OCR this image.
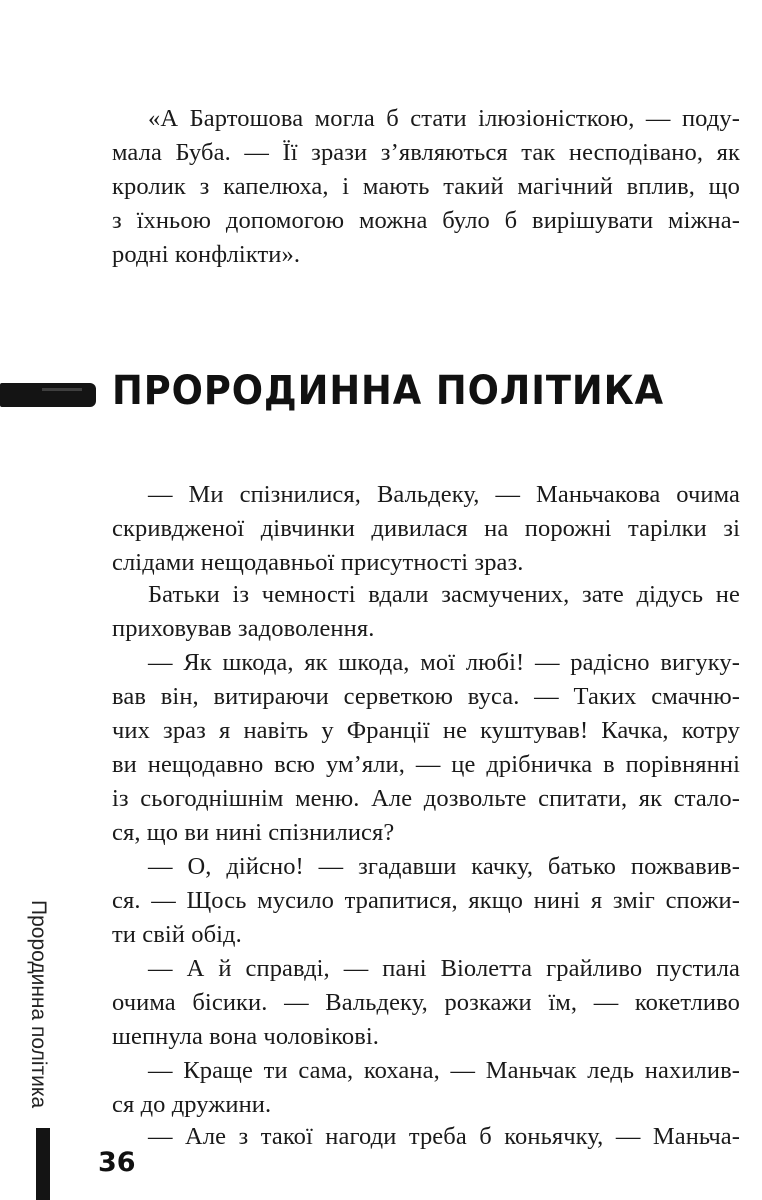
«А Бартошова могла б стати ілюзіоністкою, — поду-
мала Буба. — Її зрази з’являються так несподівано, як
кролик з капелюха, і мають такий магічний вплив, що
з їхньою допомогою можна було б вирішувати міжна-
родні конфлікти».
ПРОРОДИННА ПОЛІТИКА
— Ми спізнилися, Вальдеку, — Маньчакова очима
скривдженої дівчинки дивилася на порожні тарілки зі
слідами нещодавньої присутності зраз.
Батьки із чемності вдали засмучених, зате дідусь не
приховував задоволення.
— Як шкода, як шкода, мої любі! — радісно вигуку-
вав він, витираючи серветкою вуса. — Таких смачню-
чих зраз я навіть у Франції не куштував! Качка, котру
ви нещодавно всю ум’яли, — це дрібничка в порівнянні
із сьогоднішнім меню. Але дозвольте спитати, як стало-
ся, що ви нині спізнилися?
— О, дійсно! — згадавши качку, батько пожвавив-
ся. — Щось мусило трапитися, якщо нині я зміг спожи-
ти свій обід.
— А й справді, — пані Віолетта грайливо пустила
очима бісики. — Вальдеку, розкажи їм, — кокетливо
шепнула вона чоловікові.
— Краще ти сама, кохана, — Маньчак ледь нахилив-
ся до дружини.
— Але з такої нагоди треба б коньячку, — Маньча-
Прородинна політика
36
